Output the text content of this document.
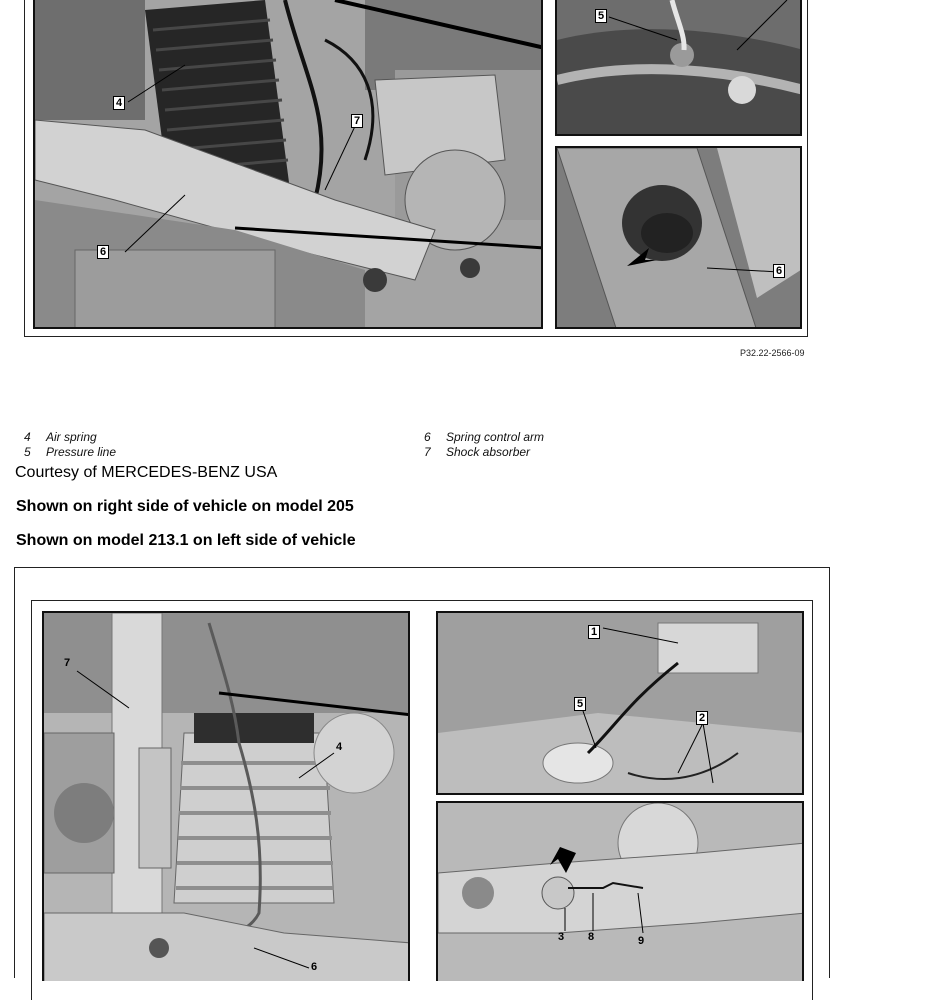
4
7
6
5
6
P32.22-2566-09
4 Air spring
5 Pressure line
6 Spring control arm
7 Shock absorber
Courtesy of MERCEDES-BENZ USA
Shown on right side of vehicle on model 205
Shown on model 213.1 on left side of vehicle
7
4
6
1
5
2
3 8	9
